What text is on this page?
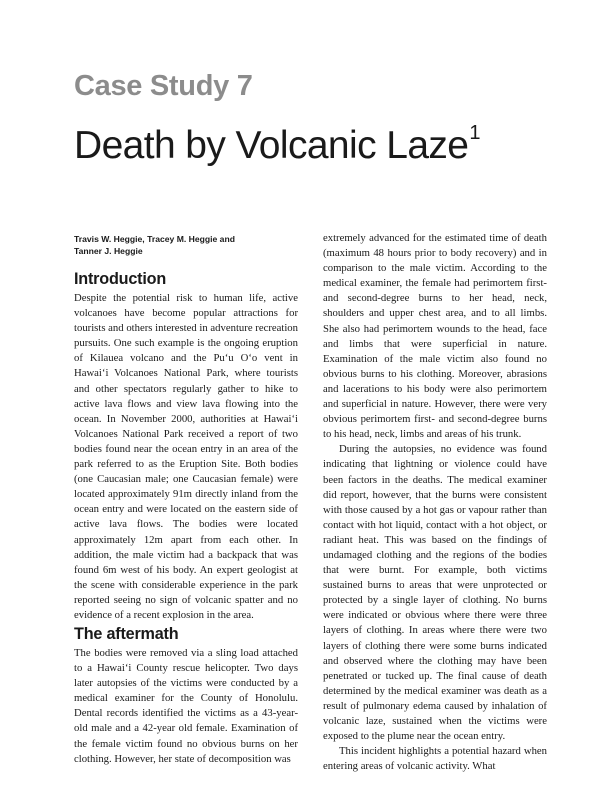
Case Study 7
Death by Volcanic Laze$^1$
Travis W. Heggie, Tracey M. Heggie and
Tanner J. Heggie
Introduction

Despite the potential risk to human life, active volcanoes have become popular attractions for tourists and others interested in adventure recreation pursuits. One such example is the ongoing eruption of Kilauea volcano and the Pu‘u O‘o vent in Hawai‘i Volcanoes National Park, where tourists and other spectators regularly gather to hike to active lava flows and view lava flowing into the ocean. In November 2000, authorities at Hawai‘i Volcanoes National Park received a report of two bodies found near the ocean entry in an area of the park referred to as the Eruption Site. Both bodies (one Caucasian male; one Caucasian female) were located approximately 91m directly inland from the ocean entry and were located on the eastern side of active lava flows. The bodies were located approximately 12m apart from each other. In addition, the male victim had a backpack that was found 6m west of his body. An expert geologist at the scene with considerable experience in the park reported seeing no sign of volcanic spatter and no evidence of a recent explosion in the area.

The aftermath

The bodies were removed via a sling load attached to a Hawai‘i County rescue helicopter. Two days later autopsies of the victims were conducted by a medical examiner for the County of Honolulu. Dental records identified the victims as a 43-year-old male and a 42-year old female. Examination of the female victim found no obvious burns on her clothing. However, her state of decomposition was

extremely advanced for the estimated time of death (maximum 48 hours prior to body recovery) and in comparison to the male victim. According to the medical examiner, the female had perimortem first- and second-degree burns to her head, neck, shoulders and upper chest area, and to all limbs. She also had perimortem wounds to the head, face and limbs that were superficial in nature. Examination of the male victim also found no obvious burns to his clothing. Moreover, abrasions and lacerations to his body were also perimortem and superficial in nature. However, there were very obvious perimortem first- and second-degree burns to his head, neck, limbs and areas of his trunk.

During the autopsies, no evidence was found indicating that lightning or violence could have been factors in the deaths. The medical examiner did report, however, that the burns were consistent with those caused by a hot gas or vapour rather than contact with hot liquid, contact with a hot object, or radiant heat. This was based on the findings of undamaged clothing and the regions of the bodies that were burnt. For example, both victims sustained burns to areas that were unprotected or protected by a single layer of clothing. No burns were indicated or obvious where there were three layers of clothing. In areas where there were two layers of clothing there were some burns indicated and observed where the clothing may have been penetrated or tucked up. The final cause of death determined by the medical examiner was death as a result of pulmonary edema caused by inhalation of volcanic laze, sustained when the victims were exposed to the plume near the ocean entry.

This incident highlights a potential hazard when entering areas of volcanic activity. What
